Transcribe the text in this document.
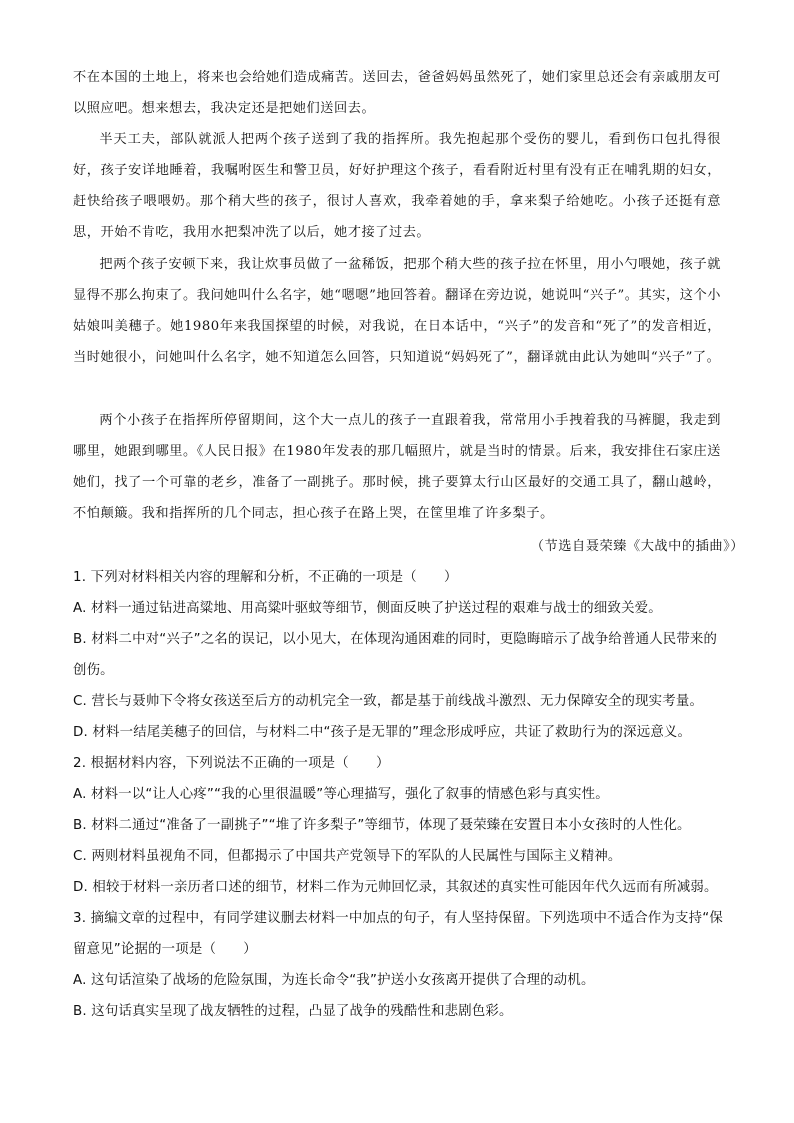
不在本国的土地上，将来也会给她们造成痛苦。送回去，爸爸妈妈虽然死了，她们家里总还会有亲戚朋友可以照应吧。想来想去，我决定还是把她们送回去。

半天工夫，部队就派人把两个孩子送到了我的指挥所。我先抱起那个受伤的婴儿，看到伤口包扎得很好，孩子安详地睡着，我嘱咐医生和警卫员，好好护理这个孩子，看看附近村里有没有正在哺乳期的妇女，赶快给孩子喂喂奶。那个稍大些的孩子，很讨人喜欢，我牵着她的手，拿来梨子给她吃。小孩子还挺有意思，开始不肯吃，我用水把梨冲洗了以后，她才接了过去。

把两个孩子安顿下来，我让炊事员做了一盆稀饭，把那个稍大些的孩子拉在怀里，用小勺喂她，孩子就显得不那么拘束了。我问她叫什么名字，她“嗯嗯”地回答着。翻译在旁边说，她说叫“兴子”。其实，这个小姑娘叫美穗子。她1980年来我国探望的时候，对我说，在日本话中，“兴子”的发音和“死了”的发音相近，当时她很小，问她叫什么名字，她不知道怎么回答，只知道说“妈妈死了”，翻译就由此认为她叫“兴子”了。

两个小孩子在指挥所停留期间，这个大一点儿的孩子一直跟着我，常常用小手拽着我的马裤腿，我走到哪里，她跟到哪里。《人民日报》在1980年发表的那几幅照片，就是当时的情景。后来，我安排住石家庄送她们，找了一个可靠的老乡，准备了一副挑子。那时候，挑子要算太行山区最好的交通工具了，翻山越岭，不怕颠簸。我和指挥所的几个同志，担心孩子在路上哭，在筐里堆了许多梨子。

（节选自聂荣臻《大战中的插曲》）

1. 下列对材料相关内容的理解和分析，不正确的一项是（　　）

A. 材料一通过钻进高粱地、用高粱叶驱蚊等细节，侧面反映了护送过程的艰难与战士的细致关爱。

B. 材料二中对“兴子”之名的误记，以小见大，在体现沟通困难的同时，更隐晦暗示了战争给普通人民带来的创伤。

C. 营长与聂帅下令将女孩送至后方的动机完全一致，都是基于前线战斗激烈、无力保障安全的现实考量。

D. 材料一结尾美穗子的回信，与材料二中“孩子是无罪的”理念形成呼应，共证了救助行为的深远意义。

2. 根据材料内容，下列说法不正确的一项是（　　）

A. 材料一以“让人心疼”“我的心里很温暖”等心理描写，强化了叙事的情感色彩与真实性。

B. 材料二通过“准备了一副挑子”“堆了许多梨子”等细节，体现了聂荣臻在安置日本小女孩时的人性化。

C. 两则材料虽视角不同，但都揭示了中国共产党领导下的军队的人民属性与国际主义精神。

D. 相较于材料一亲历者口述的细节，材料二作为元帅回忆录，其叙述的真实性可能因年代久远而有所减弱。

3. 摘编文章的过程中，有同学建议删去材料一中加点的句子，有人坚持保留。下列选项中不适合作为支持“保留意见”论据的一项是（　　）

A. 这句话渲染了战场的危险氛围，为连长命令“我”护送小女孩离开提供了合理的动机。

B. 这句话真实呈现了战友牺牲的过程，凸显了战争的残酷性和悲剧色彩。
